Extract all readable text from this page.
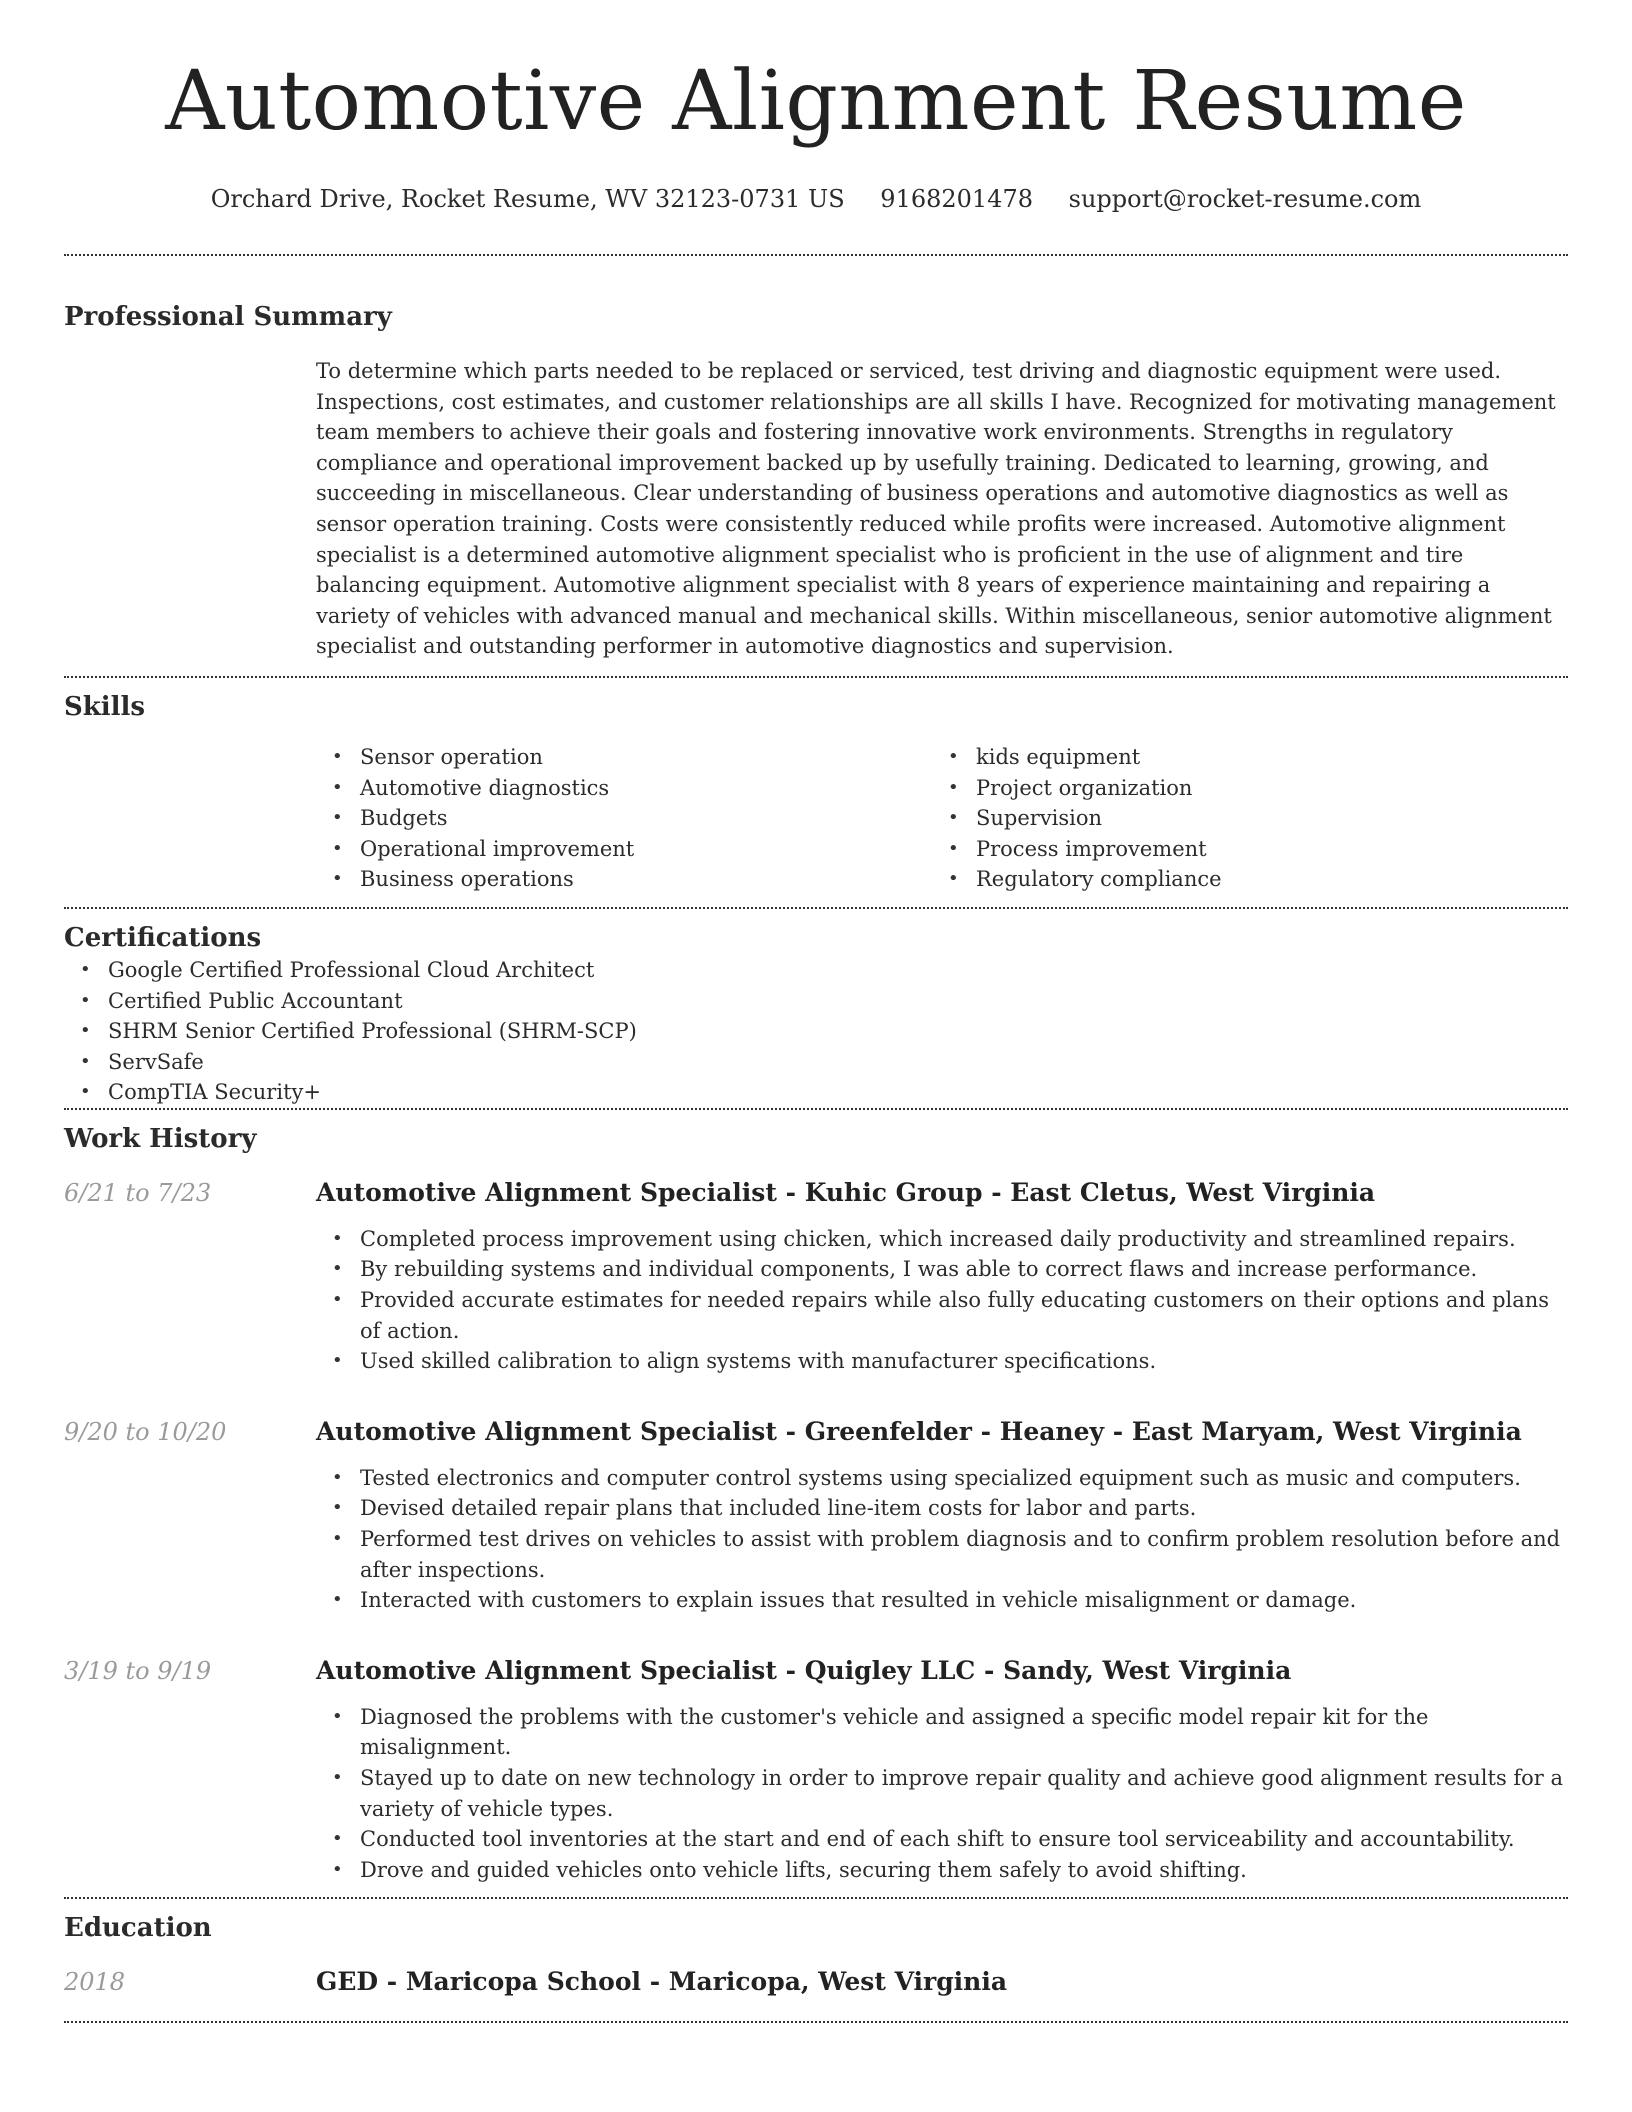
Automotive Alignment Resume
Orchard Drive, Rocket Resume, WV 32123-0731 US 9168201478 support@rocket-resume.com
Professional Summary

To determine which parts needed to be replaced or serviced, test driving and diagnostic equipment were used. Inspections, cost estimates, and customer relationships are all skills I have. Recognized for motivating management team members to achieve their goals and fostering innovative work environments. Strengths in regulatory compliance and operational improvement backed up by usefully training. Dedicated to learning, growing, and succeeding in miscellaneous. Clear understanding of business operations and automotive diagnostics as well as sensor operation training. Costs were consistently reduced while profits were increased. Automotive alignment specialist is a determined automotive alignment specialist who is proficient in the use of alignment and tire balancing equipment. Automotive alignment specialist with 8 years of experience maintaining and repairing a variety of vehicles with advanced manual and mechanical skills. Within miscellaneous, senior automotive alignment specialist and outstanding performer in automotive diagnostics and supervision.

Skills
• Sensor operation
• Automotive diagnostics
• Budgets
• Operational improvement
• Business operations
• kids equipment
• Project organization
• Supervision
• Process improvement
• Regulatory compliance
Certifications
• Google Certified Professional Cloud Architect
• Certified Public Accountant
• SHRM Senior Certified Professional (SHRM-SCP)
• ServSafe
• CompTIA Security+
Work History
6/21 to 7/23	Automotive Alignment Specialist - Kuhic Group - East Cletus, West Virginia
• Completed process improvement using chicken, which increased daily productivity and streamlined repairs.
• By rebuilding systems and individual components, I was able to correct flaws and increase performance.
• Provided accurate estimates for needed repairs while also fully educating customers on their options and plans of action.
• Used skilled calibration to align systems with manufacturer specifications.
9/20 to 10/20	Automotive Alignment Specialist - Greenfelder - Heaney - East Maryam, West Virginia
• Tested electronics and computer control systems using specialized equipment such as music and computers.
• Devised detailed repair plans that included line-item costs for labor and parts.
• Performed test drives on vehicles to assist with problem diagnosis and to confirm problem resolution before and after inspections.
• Interacted with customers to explain issues that resulted in vehicle misalignment or damage.
3/19 to 9/19	Automotive Alignment Specialist - Quigley LLC - Sandy, West Virginia
• Diagnosed the problems with the customer's vehicle and assigned a specific model repair kit for the misalignment.
• Stayed up to date on new technology in order to improve repair quality and achieve good alignment results for a variety of vehicle types.
• Conducted tool inventories at the start and end of each shift to ensure tool serviceability and accountability.
• Drove and guided vehicles onto vehicle lifts, securing them safely to avoid shifting.
Education
2018	GED - Maricopa School - Maricopa, West Virginia
